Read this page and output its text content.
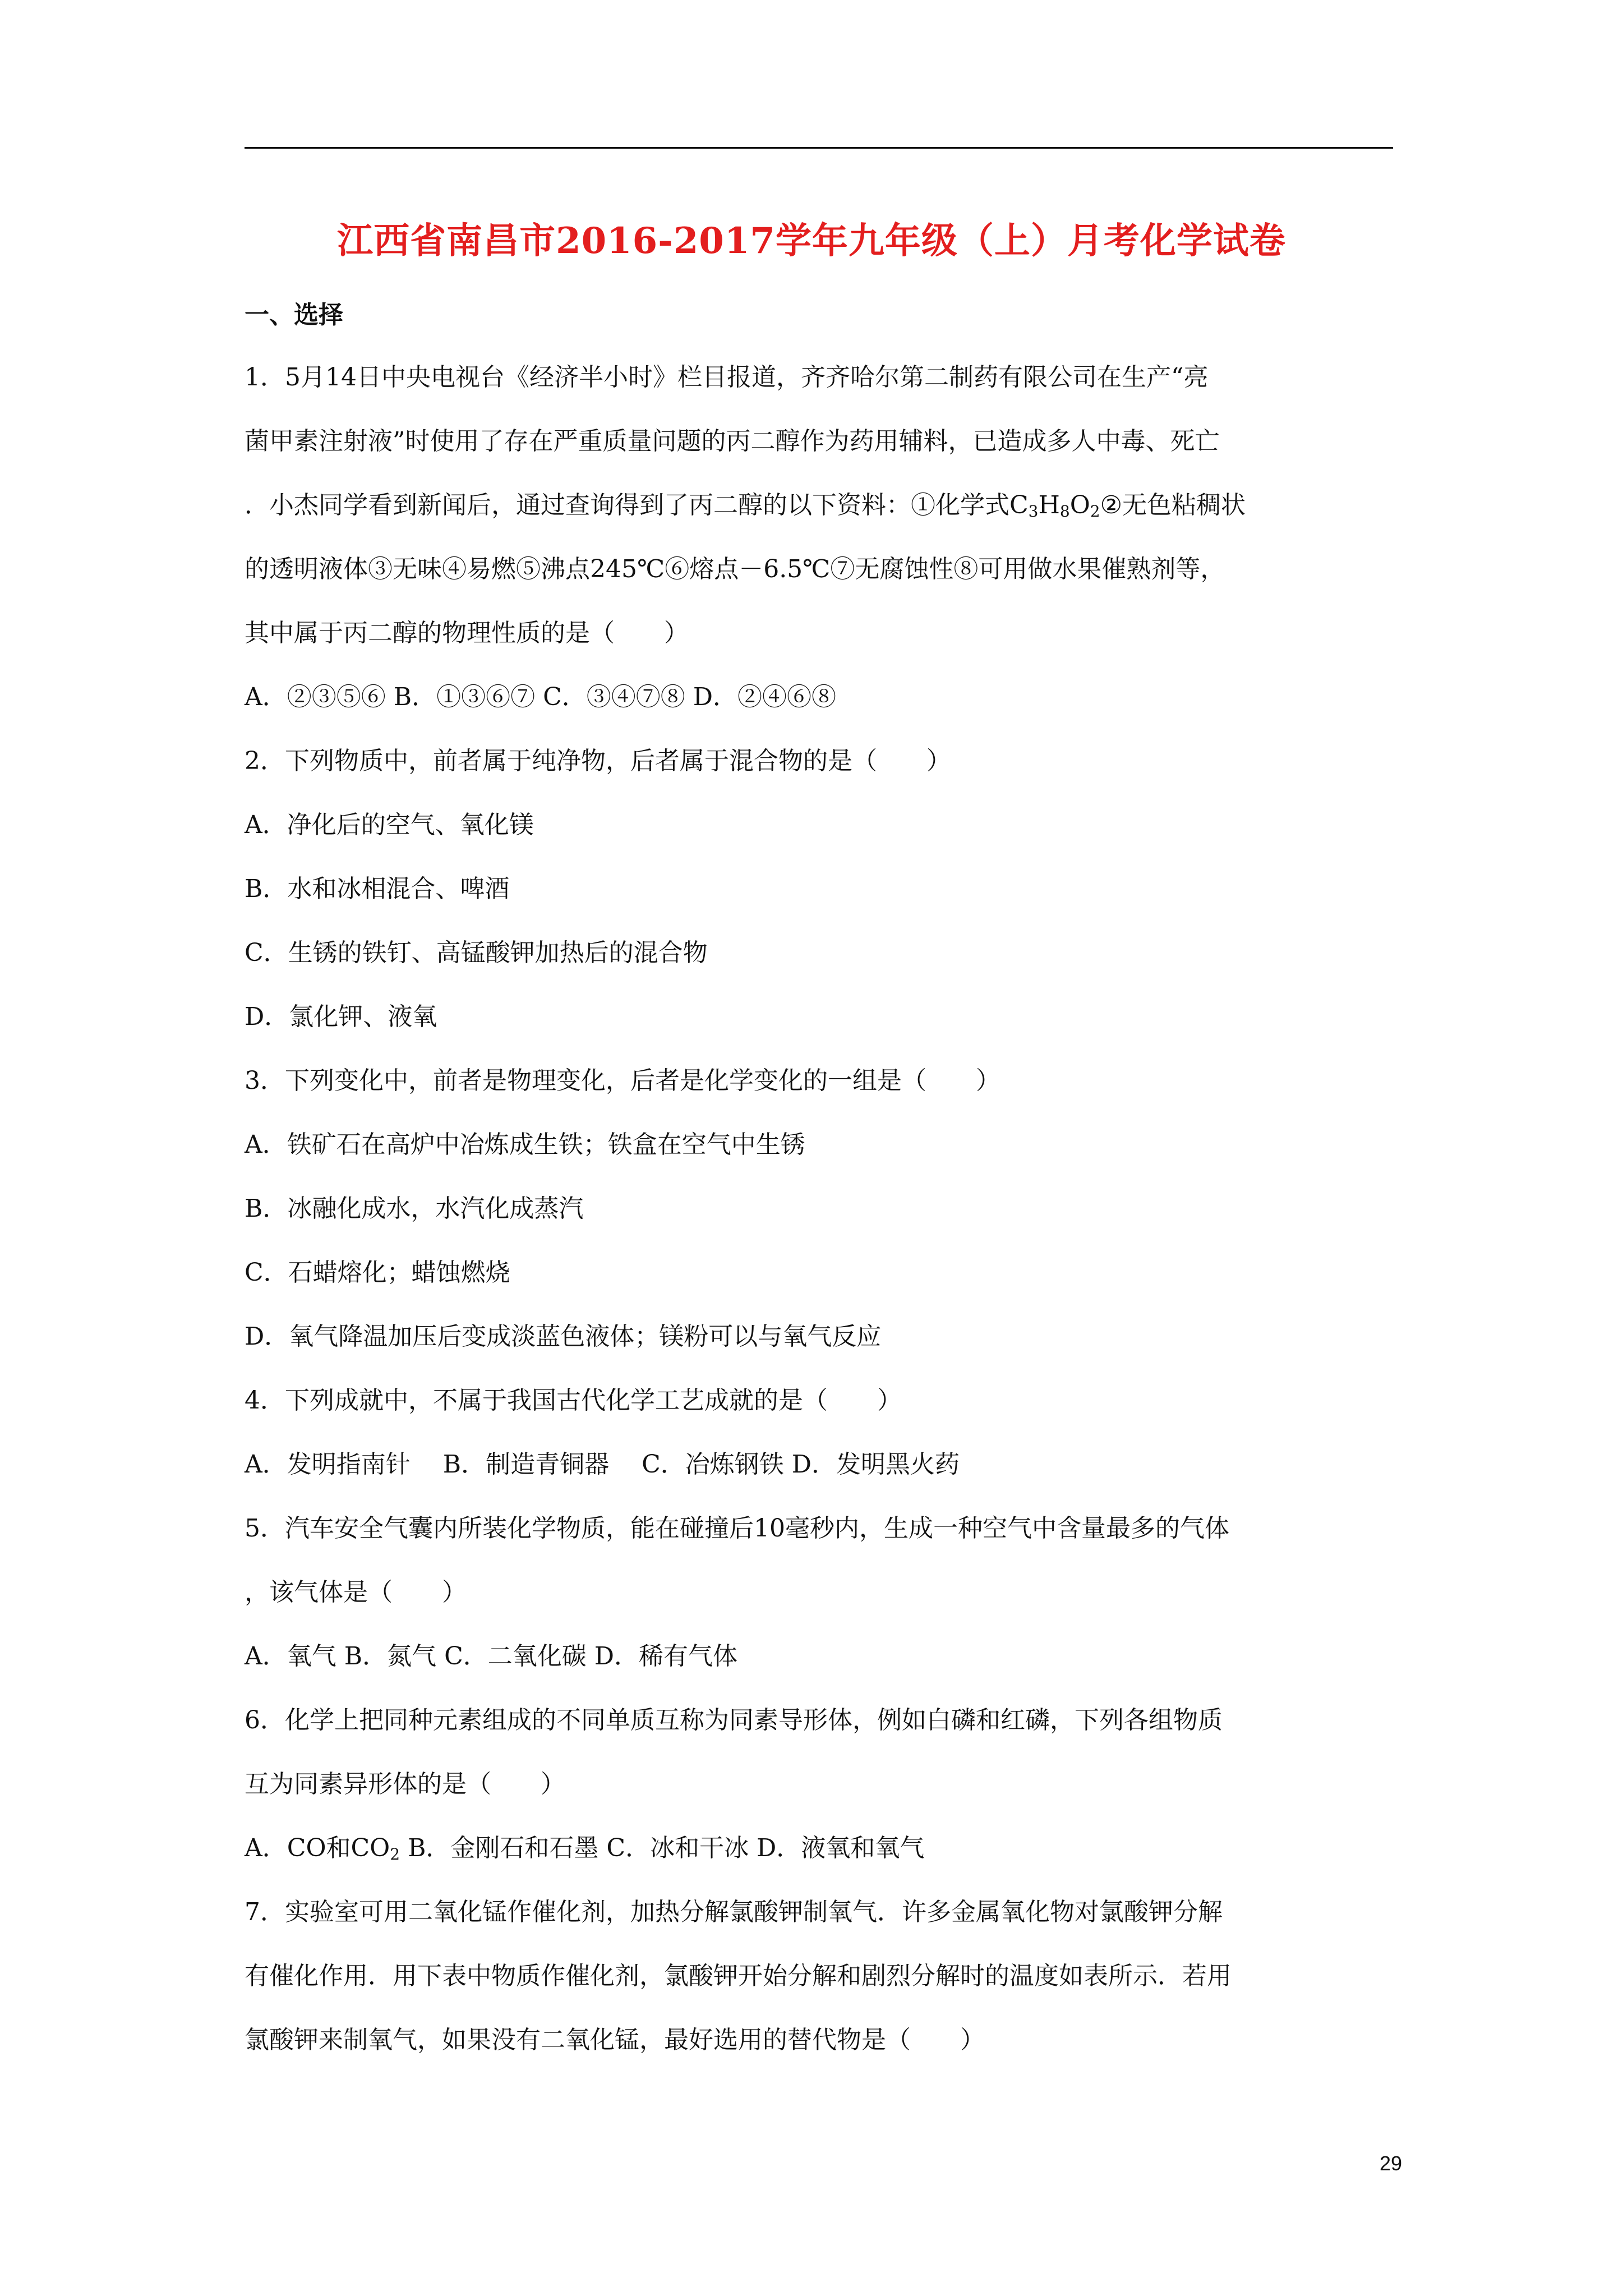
江西省南昌市2016-2017学年九年级（上）月考化学试卷
一、选择
1．5月14日中央电视台《经济半小时》栏目报道，齐齐哈尔第二制药有限公司在生产“亮
菌甲素注射液”时使用了存在严重质量问题的丙二醇作为药用辅料，已造成多人中毒、死亡
．小杰同学看到新闻后，通过查询得到了丙二醇的以下资料：①化学式$C_3H_8O_2②$无色粘稠状
的透明液体③无味④易燃⑤沸点245℃⑥熔点－6.5℃⑦无腐蚀性⑧可用做水果催熟剂等，
其中属于丙二醇的物理性质的是（　　）
A．②③⑤⑥ B．①③⑥⑦ C．③④⑦⑧ D．②④⑥⑧
2．下列物质中，前者属于纯净物，后者属于混合物的是（　　）
A．净化后的空气、氧化镁
B．水和冰相混合、啤酒
C．生锈的铁钉、高锰酸钾加热后的混合物
D．氯化钾、液氧
3．下列变化中，前者是物理变化，后者是化学变化的一组是（　　）
A．铁矿石在高炉中冶炼成生铁；铁盒在空气中生锈
B．冰融化成水，水汽化成蒸汽
C．石蜡熔化；蜡蚀燃烧
D．氧气降温加压后变成淡蓝色液体；镁粉可以与氧气反应
4．下列成就中，不属于我国古代化学工艺成就的是（　　）
A．发明指南针　 B．制造青铜器　 C．冶炼钢铁 D．发明黑火药
5．汽车安全气囊内所装化学物质，能在碰撞后10毫秒内，生成一种空气中含量最多的气体
，该气体是（　　）
A．氧气 B．氮气 C．二氧化碳 D．稀有气体
6．化学上把同种元素组成的不同单质互称为同素导形体，例如白磷和红磷，下列各组物质
互为同素异形体的是（　　）
A．CO和$CO_2$ B．金刚石和石墨 C．冰和干冰 D．液氧和氧气
7．实验室可用二氧化锰作催化剂，加热分解氯酸钾制氧气．许多金属氧化物对氯酸钾分解
有催化作用．用下表中物质作催化剂，氯酸钾开始分解和剧烈分解时的温度如表所示．若用
氯酸钾来制氧气，如果没有二氧化锰，最好选用的替代物是（　　）
29
